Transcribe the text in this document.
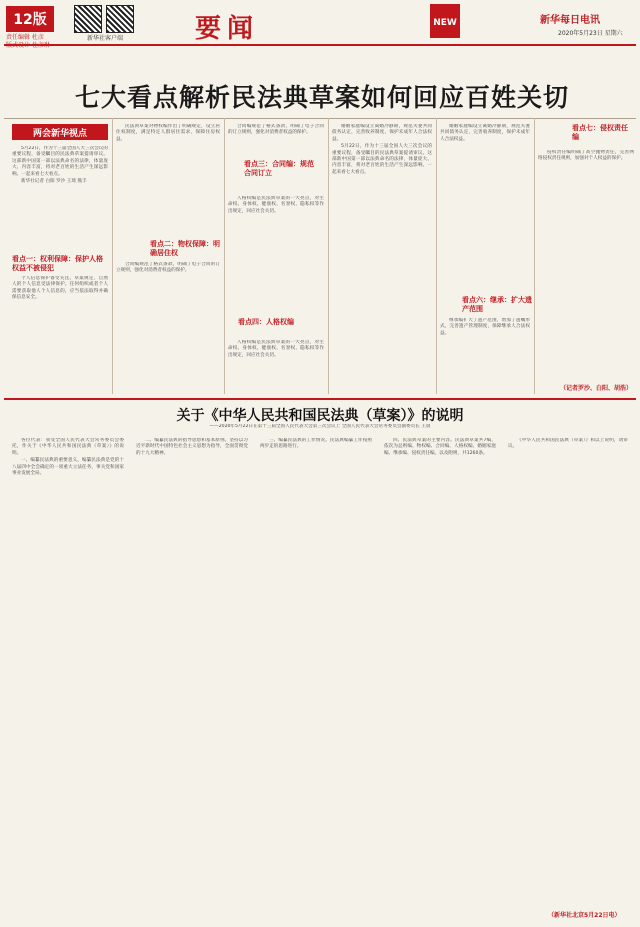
12版
责任编辑 杜彦	新华社客户端	要闻	NEW	新华每日电讯
2020年5月23日 星期六
七大看点解析民法典草案如何回应百姓关切
两会新华视点

5月22日，作为十三届全国人大三次会议的重要议程，备受瞩目的民法典草案提请审议。这部新中国第一部以法典命名的法律，体量庞大、内容丰富，将对老百姓的生活产生深远影响。一起来看七大看点。

新华社记者 白阳 罗沙 王琦 熊丰

看点一：权利保障：保护人格权益不被侵犯

个人信息保护备受关注。草案规定，自然人的个人信息受法律保护。任何组织或者个人需要获取他人个人信息的，应当依法取得并确保信息安全。

民法典草案对物权编作出了明确规定，设立居住权制度，满足特定人群居住需求，保障住房权益。

看点二：物权保障：明确居住权

合同编规范了格式条款，明确了电子合同的订立规则，强化对消费者权益的保护。

看点三：合同编：规范合同订立

合同编规范了格式条款，明确了电子合同的订立规则，强化对消费者权益的保护。

人格权编是民法典草案的一大亮点，对生命权、身体权、健康权、名誉权、隐私权等作出规定，回应社会关切。

看点四：人格权编

人格权编是民法典草案的一大亮点，对生命权、身体权、健康权、名誉权、隐私权等作出规定，回应社会关切。

婚姻家庭编设立离婚冷静期，规范夫妻共同债务认定，完善收养制度，保护未成年人合法权益。

5月22日，作为十三届全国人大三次会议的重要议程，备受瞩目的民法典草案提请审议。这部新中国第一部以法典命名的法律，体量庞大、内容丰富，将对老百姓的生活产生深远影响。一起来看七大看点。

婚姻家庭编设立离婚冷静期，规范夫妻共同债务认定，完善收养制度，保护未成年人合法权益。

看点六：继承：扩大遗产范围

继承编扩大了遗产范围，增加了遗嘱形式，完善遗产管理制度，保障继承人合法权益。

看点七：侵权责任编

侵权责任编明确了高空抛物责任，完善网络侵权责任规则，加强对个人权益的保护。

（记者罗沙、白阳、胡浩）
关于《中华人民共和国民法典（草案）》的说明
——2020年5月22日在第十三届全国人民代表大会第三次会议上 全国人民代表大会常务委员会副委员长 王晨

各位代表：我受全国人民代表大会常务委员会委托，作关于《中华人民共和国民法典（草案）》的说明。

一、编纂民法典的重要意义。编纂民法典是党的十八届四中全会确定的一项重大立法任务，事关党和国家事业发展全局。

二、编纂民法典的指导思想和基本原则。坚持以习近平新时代中国特色社会主义思想为指导，全面贯彻党的十九大精神。

三、编纂民法典的工作情况。民法典编纂工作按照两步走的思路进行。

四、民法典草案的主要内容。民法典草案共7编，依次为总则编、物权编、合同编、人格权编、婚姻家庭编、继承编、侵权责任编，以及附则，共1260条。

《中华人民共和国民法典（草案）》和以上说明，请审议。

（新华社北京5月22日电）
